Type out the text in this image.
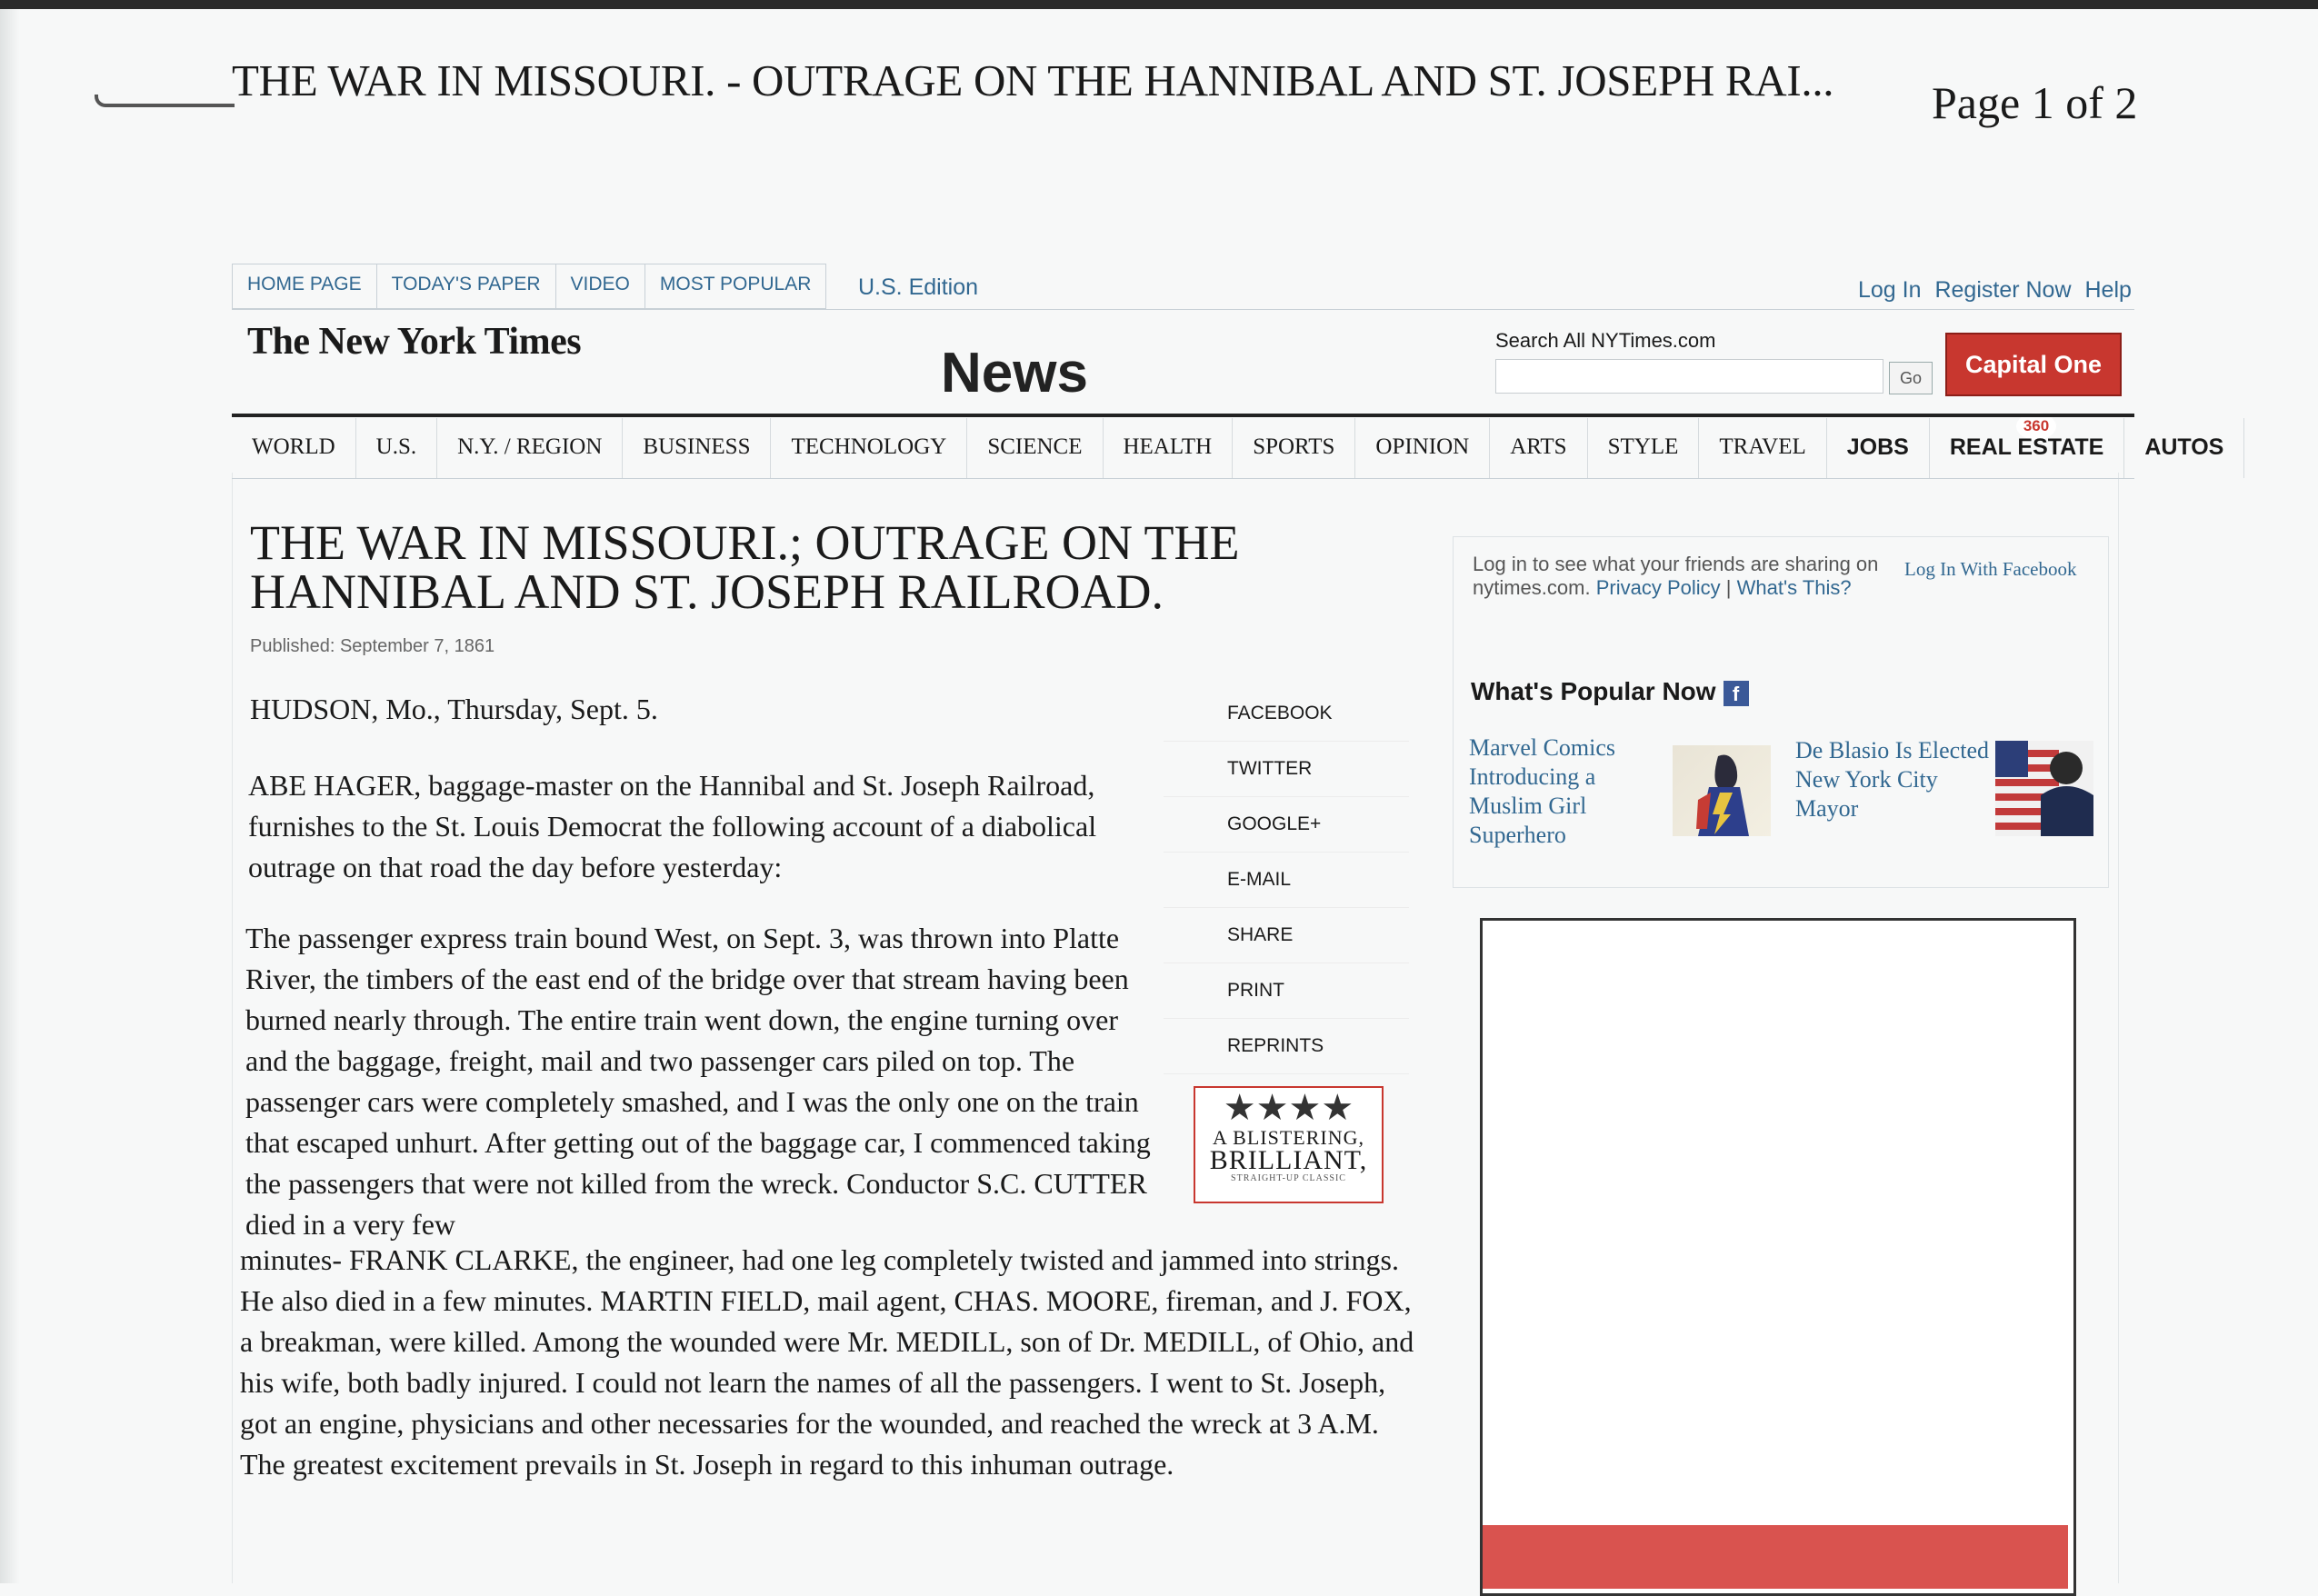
THE WAR IN MISSOURI. - OUTRAGE ON THE HANNIBAL AND ST. JOSEPH RAI... Page 1 of 2
HOME PAGE	TODAY'S PAPER	VIDEO	MOST POPULAR	U.S. Edition	Log In Register Now Help
The New York Times	News
Search All NYTimes.com
Go	Capital One360
WORLD	U.S.	N.Y. / REGION	BUSINESS	TECHNOLOGY	SCIENCE	HEALTH	SPORTS	OPINION	ARTS	STYLE	TRAVEL	JOBS	REAL ESTATE	AUTOS
THE WAR IN MISSOURI.; OUTRAGE ON THE HANNIBAL AND ST. JOSEPH RAILROAD.
Published: September 7, 1861
HUDSON, Mo., Thursday, Sept. 5.
ABE HAGER, baggage-master on the Hannibal and St. Joseph Railroad, furnishes to the St. Louis Democrat the following account of a diabolical outrage on that road the day before yesterday:
The passenger express train bound West, on Sept. 3, was thrown into Platte River, the timbers of the east end of the bridge over that stream having been burned nearly through. The entire train went down, the engine turning over and the baggage, freight, mail and two passenger cars piled on top. The passenger cars were completely smashed, and I was the only one on the train that escaped unhurt. After getting out of the baggage car, I commenced taking the passengers that were not killed from the wreck. Conductor S.C. CUTTER died in a very few
minutes- FRANK CLARKE, the engineer, had one leg completely twisted and jammed into strings. He also died in a few minutes. MARTIN FIELD, mail agent, CHAS. MOORE, fireman, and J. FOX, a breakman, were killed. Among the wounded were Mr. MEDILL, son of Dr. MEDILL, of Ohio, and his wife, both badly injured. I could not learn the names of all the passengers. I went to St. Joseph, got an engine, physicians and other necessaries for the wounded, and reached the wreck at 3 A.M. The greatest excitement prevails in St. Joseph in regard to this inhuman outrage.
FACEBOOK
TWITTER
GOOGLE+
E-MAIL
SHARE
PRINT
REPRINTS
★★★★
A BLISTERING,
BRILLIANT,
STRAIGHT-UP CLASSIC
Log in to see what your friends are sharing on nytimes.com. Privacy Policy | What's This?
Log In With Facebook
What's Popular Now f
Marvel Comics Introducing a Muslim Girl Superhero
De Blasio Is Elected New York City Mayor
